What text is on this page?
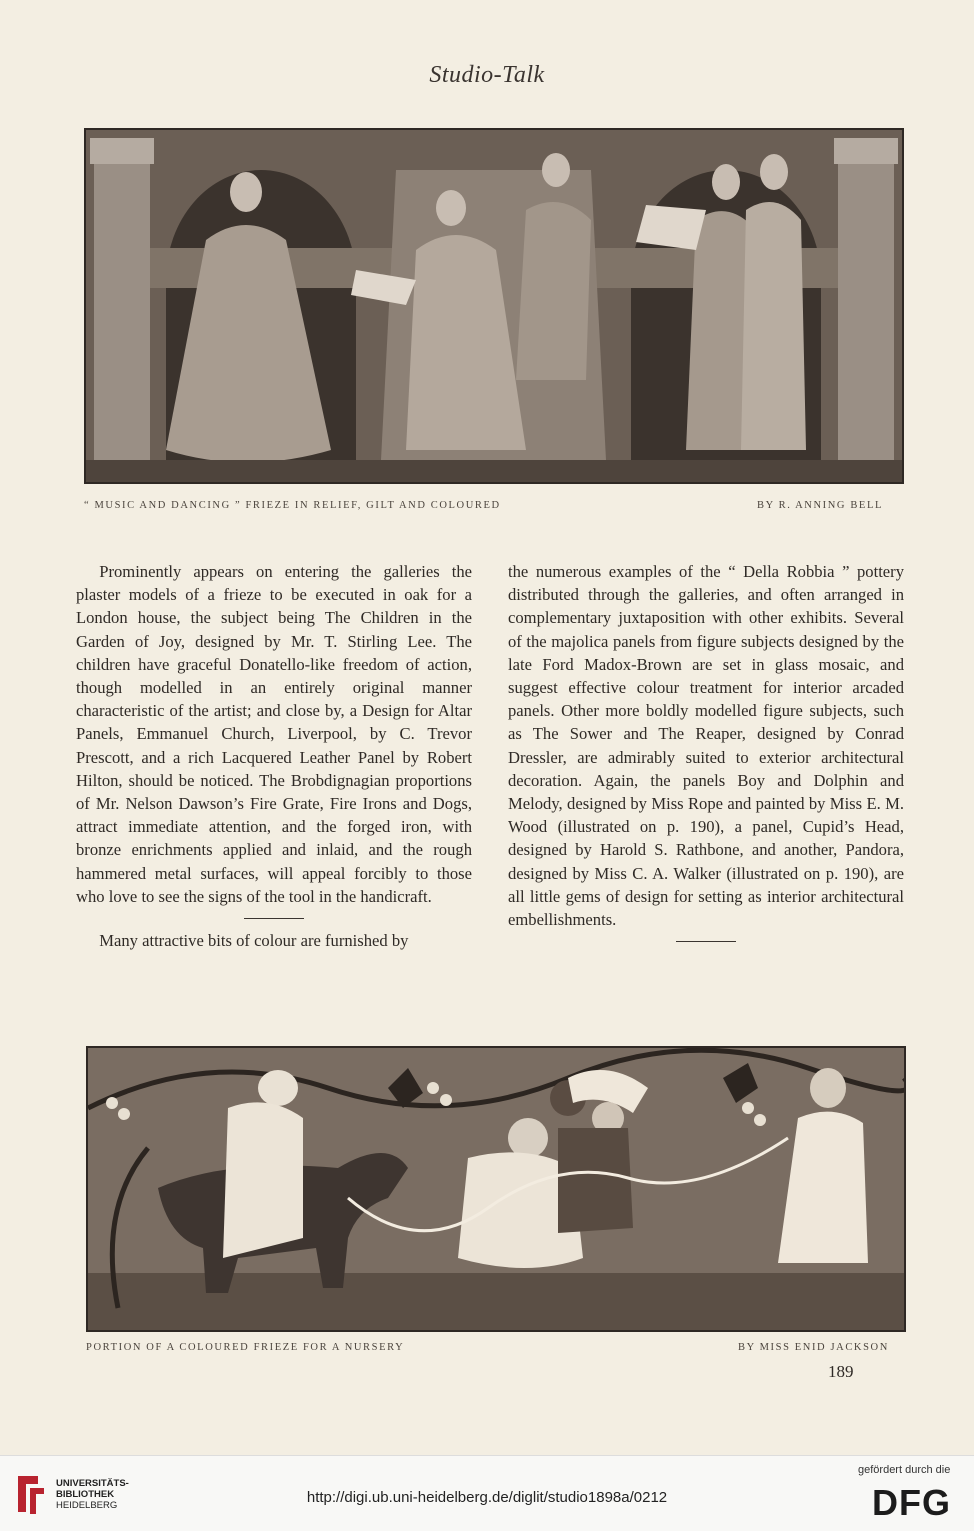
Studio-Talk
“ MUSIC AND DANCING ” FRIEZE IN RELIEF, GILT AND COLOURED	BY R. ANNING BELL

Prominently appears on entering the galleries the plaster models of a frieze to be executed in oak for a London house, the subject being The Children in the Garden of Joy, designed by Mr. T. Stirling Lee. The children have graceful Donatello-like freedom of action, though modelled in an entirely original manner characteristic of the artist; and close by, a Design for Altar Panels, Emmanuel Church, Liverpool, by C. Trevor Prescott, and a rich Lacquered Leather Panel by Robert Hilton, should be noticed. The Brobdignagian proportions of Mr. Nelson Dawson’s Fire Grate, Fire Irons and Dogs, attract immediate attention, and the forged iron, with bronze enrichments applied and inlaid, and the rough hammered metal surfaces, will appeal forcibly to those who love to see the signs of the tool in the handicraft.

Many attractive bits of colour are furnished by

the numerous examples of the “ Della Robbia ” pottery distributed through the galleries, and often arranged in complementary juxtaposition with other exhibits. Several of the majolica panels from figure subjects designed by the late Ford Madox-Brown are set in glass mosaic, and suggest effective colour treatment for interior arcaded panels. Other more boldly modelled figure subjects, such as The Sower and The Reaper, designed by Conrad Dressler, are admirably suited to exterior architectural decoration. Again, the panels Boy and Dolphin and Melody, designed by Miss Rope and painted by Miss E. M. Wood (illustrated on p. 190), a panel, Cupid’s Head, designed by Harold S. Rathbone, and another, Pandora, designed by Miss C. A. Walker (illustrated on p. 190), are all little gems of design for setting as interior architectural embellishments.

PORTION OF A COLOURED FRIEZE FOR A NURSERY	BY MISS ENID JACKSON
189
UNIVERSITÄTS-
BIBLIOTHEK
HEIDELBERG	http://digi.ub.uni-heidelberg.de/diglit/studio1898a/0212
gefördert durch die
DFG
